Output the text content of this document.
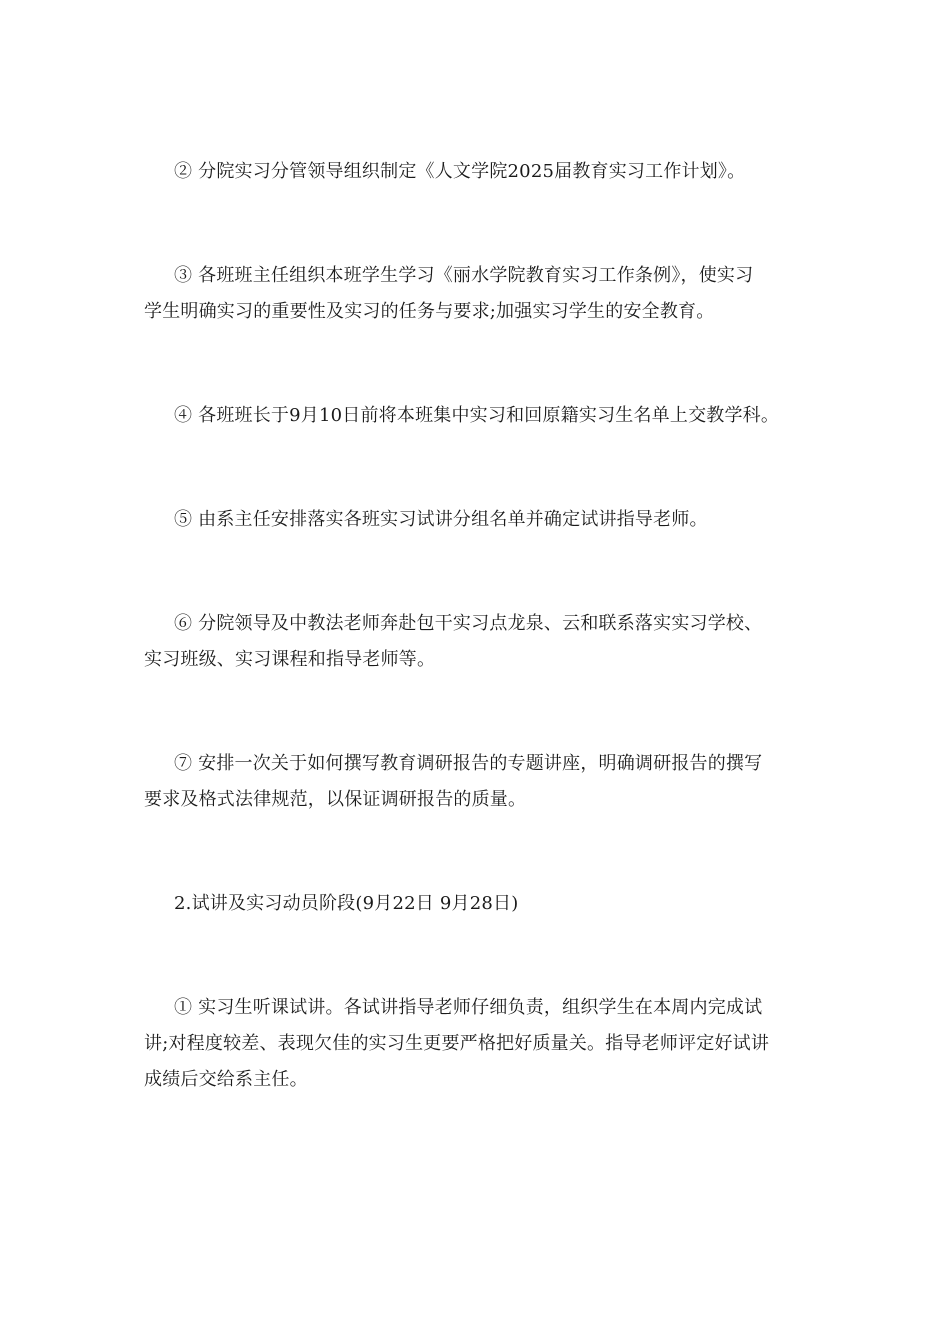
② 分院实习分管领导组织制定《人文学院2025届教育实习工作计划》。
③ 各班班主任组织本班学生学习《丽水学院教育实习工作条例》，使实习
学生明确实习的重要性及实习的任务与要求;加强实习学生的安全教育。
④ 各班班长于9月10日前将本班集中实习和回原籍实习生名单上交教学科。
⑤ 由系主任安排落实各班实习试讲分组名单并确定试讲指导老师。
⑥ 分院领导及中教法老师奔赴包干实习点龙泉、云和联系落实实习学校、
实习班级、实习课程和指导老师等。
⑦ 安排一次关于如何撰写教育调研报告的专题讲座，明确调研报告的撰写
要求及格式法律规范，以保证调研报告的质量。
2.试讲及实习动员阶段(9月22日 9月28日)
① 实习生听课试讲。各试讲指导老师仔细负责，组织学生在本周内完成试
讲;对程度较差、表现欠佳的实习生更要严格把好质量关。指导老师评定好试讲
成绩后交给系主任。
